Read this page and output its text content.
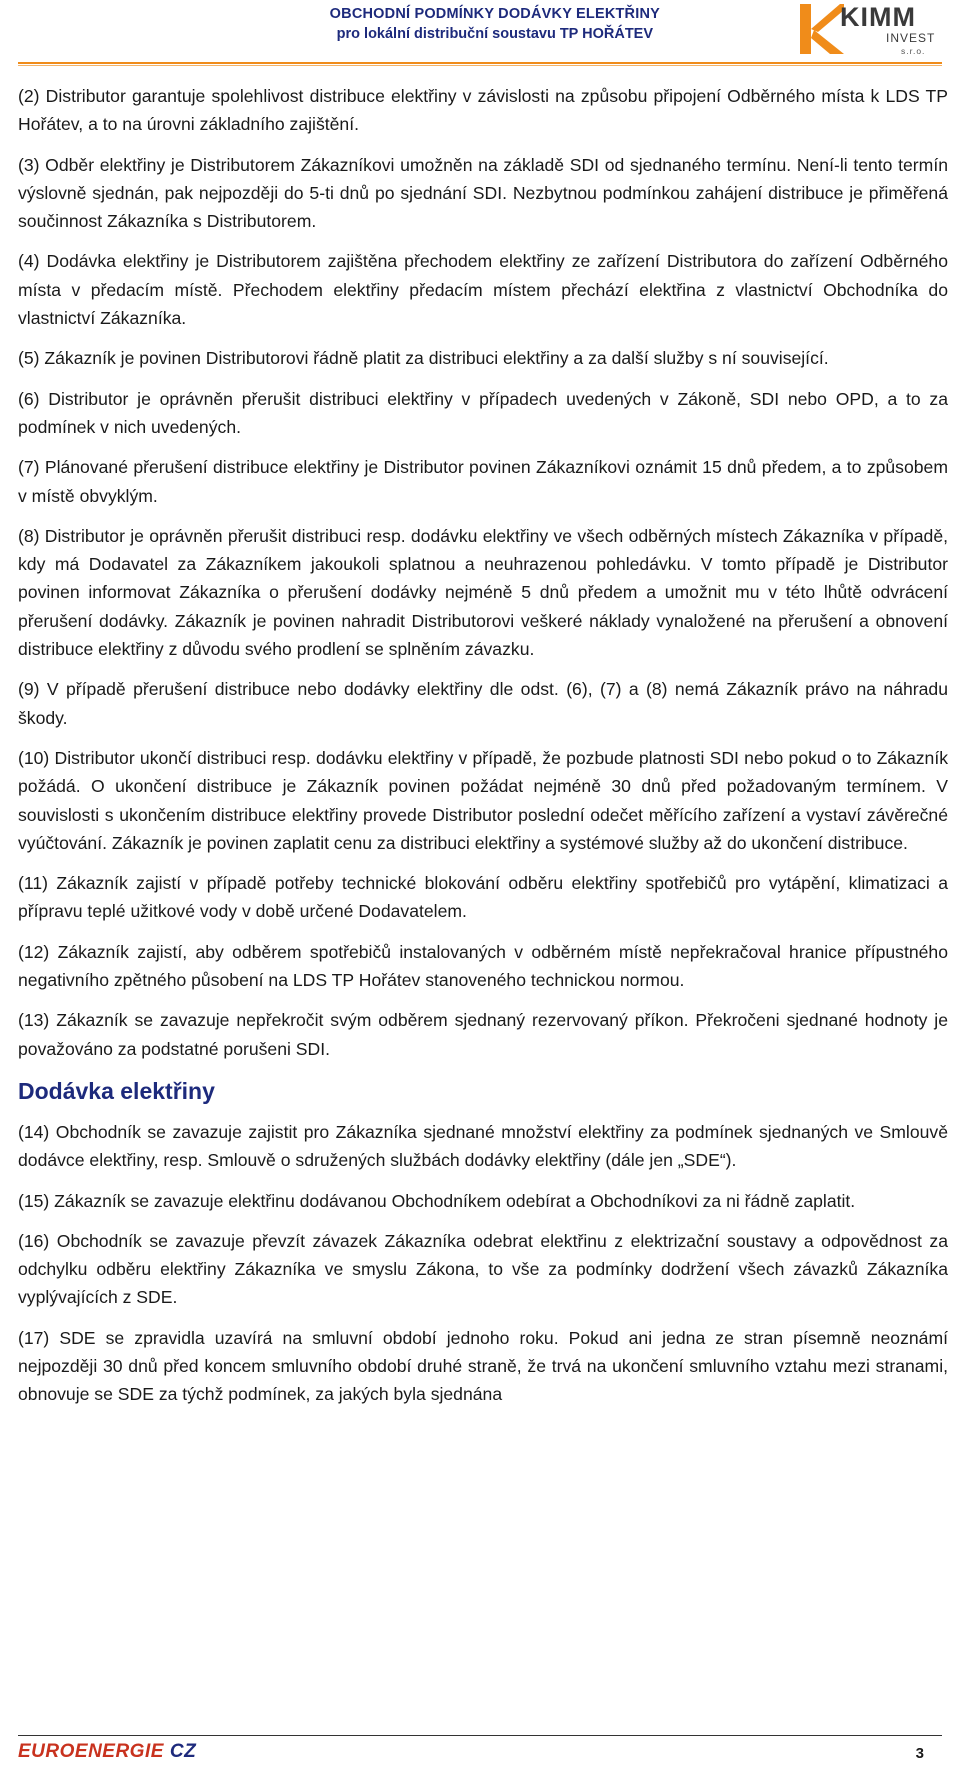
OBCHODNÍ PODMÍNKY DODÁVKY ELEKTŘINY
pro lokální distribuční soustavu TP HOŘÁTEV
KIMM
INVEST
s.r.o.

(2) Distributor garantuje spolehlivost distribuce elektřiny v závislosti na způsobu připojení Odběrného místa k LDS TP Hořátev, a to na úrovni základního zajištění.

(3) Odběr elektřiny je Distributorem Zákazníkovi umožněn na základě SDI od sjednaného termínu. Není-li tento termín výslovně sjednán, pak nejpozději do 5-ti dnů po sjednání SDI. Nezbytnou podmínkou zahájení distribuce je přiměřená součinnost Zákazníka s Distributorem.

(4) Dodávka elektřiny je Distributorem zajištěna přechodem elektřiny ze zařízení Distributora do zařízení Odběrného místa v předacím místě. Přechodem elektřiny předacím místem přechází elektřina z vlastnictví Obchodníka do vlastnictví Zákazníka.

(5) Zákazník je povinen Distributorovi řádně platit za distribuci elektřiny a za další služby s ní související.

(6) Distributor je oprávněn přerušit distribuci elektřiny v případech uvedených v Zákoně, SDI nebo OPD, a to za podmínek v nich uvedených.

(7) Plánované přerušení distribuce elektřiny je Distributor povinen Zákazníkovi oznámit 15 dnů předem, a to způsobem v místě obvyklým.

(8) Distributor je oprávněn přerušit distribuci resp. dodávku elektřiny ve všech odběrných místech Zákazníka v případě, kdy má Dodavatel za Zákazníkem jakoukoli splatnou a neuhrazenou pohledávku. V tomto případě je Distributor povinen informovat Zákazníka o přerušení dodávky nejméně 5 dnů předem a umožnit mu v této lhůtě odvrácení přerušení dodávky. Zákazník je povinen nahradit Distributorovi veškeré náklady vynaložené na přerušení a obnovení distribuce elektřiny z důvodu svého prodlení se splněním závazku.

(9) V případě přerušení distribuce nebo dodávky elektřiny dle odst. (6), (7) a (8) nemá Zákazník právo na náhradu škody.

(10) Distributor ukončí distribuci resp. dodávku elektřiny v případě, že pozbude platnosti SDI nebo pokud o to Zákazník požádá. O ukončení distribuce je Zákazník povinen požádat nejméně 30 dnů před požadovaným termínem. V souvislosti s ukončením distribuce elektřiny provede Distributor poslední odečet měřícího zařízení a vystaví závěrečné vyúčtování. Zákazník je povinen zaplatit cenu za distribuci elektřiny a systémové služby až do ukončení distribuce.

(11) Zákazník zajistí v případě potřeby technické blokování odběru elektřiny spotřebičů pro vytápění, klimatizaci a přípravu teplé užitkové vody v době určené Dodavatelem.

(12) Zákazník zajistí, aby odběrem spotřebičů instalovaných v odběrném místě nepřekračoval hranice přípustného negativního zpětného působení na LDS TP Hořátev stanoveného technickou normou.

(13) Zákazník se zavazuje nepřekročit svým odběrem sjednaný rezervovaný příkon. Překročeni sjednané hodnoty je považováno za podstatné porušeni SDI.

Dodávka elektřiny

(14) Obchodník se zavazuje zajistit pro Zákazníka sjednané množství elektřiny za podmínek sjednaných ve Smlouvě dodávce elektřiny, resp. Smlouvě o sdružených službách dodávky elektřiny (dále jen „SDE“).

(15) Zákazník se zavazuje elektřinu dodávanou Obchodníkem odebírat a Obchodníkovi za ni řádně zaplatit.

(16) Obchodník se zavazuje převzít závazek Zákazníka odebrat elektřinu z elektrizační soustavy a odpovědnost za odchylku odběru elektřiny Zákazníka ve smyslu Zákona, to vše za podmínky dodržení všech závazků Zákazníka vyplývajících z SDE.

(17) SDE se zpravidla uzavírá na smluvní období jednoho roku. Pokud ani jedna ze stran písemně neoznámí nejpozději 30 dnů před koncem smluvního období druhé straně, že trvá na ukončení smluvního vztahu mezi stranami, obnovuje se SDE za týchž podmínek, za jakých byla sjednána

EUROENERGIE CZ	3
